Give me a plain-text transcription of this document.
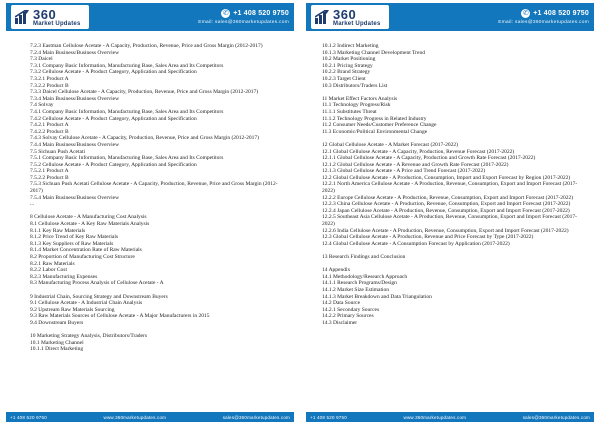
360
Market Updates
✆ +1 408 520 9750
Email: sales@360marketupdates.com
7.2.3 Eastman Cellulose Acetate - A Capacity, Production, Revenue, Price and Gross Margin (2012-2017)
7.2.4 Main Business/Business Overview
7.3 Daicel
7.3.1 Company Basic Information, Manufacturing Base, Sales Area and Its Competitors
7.3.2 Cellulose Acetate - A Product Category, Application and Specification
7.3.2.1 Product A
7.3.2.2 Product B
7.3.3 Daicel Cellulose Acetate - A Capacity, Production, Revenue, Price and Gross Margin (2012-2017)
7.3.4 Main Business/Business Overview
7.4 Solvay
7.4.1 Company Basic Information, Manufacturing Base, Sales Area and Its Competitors
7.4.2 Cellulose Acetate - A Product Category, Application and Specification
7.4.2.1 Product A
7.4.2.2 Product B
7.4.3 Solvay Cellulose Acetate - A Capacity, Production, Revenue, Price and Gross Margin (2012-2017)
7.4.4 Main Business/Business Overview
7.5 Sichuan Push Acetati
7.5.1 Company Basic Information, Manufacturing Base, Sales Area and Its Competitors
7.5.2 Cellulose Acetate - A Product Category, Application and Specification
7.5.2.1 Product A
7.5.2.2 Product B
7.5.3 Sichuan Push Acetati Cellulose Acetate - A Capacity, Production, Revenue, Price and Gross Margin (2012-2017)
7.5.4 Main Business/Business Overview
...
8 Cellulose Acetate - A Manufacturing Cost Analysis
8.1 Cellulose Acetate - A Key Raw Materials Analysis
8.1.1 Key Raw Materials
8.1.2 Price Trend of Key Raw Materials
8.1.3 Key Suppliers of Raw Materials
8.1.4 Market Concentration Rate of Raw Materials
8.2 Proportion of Manufacturing Cost Structure
8.2.1 Raw Materials
8.2.2 Labor Cost
8.2.3 Manufacturing Expenses
8.3 Manufacturing Process Analysis of Cellulose Acetate - A
9 Industrial Chain, Sourcing Strategy and Downstream Buyers
9.1 Cellulose Acetate - A Industrial Chain Analysis
9.2 Upstream Raw Materials Sourcing
9.3 Raw Materials Sources of Cellulose Acetate - A Major Manufacturers in 2015
9.4 Downstream Buyers
10 Marketing Strategy Analysis, Distributors/Traders
10.1 Marketing Channel
10.1.1 Direct Marketing
+1 408 520 9750	www.360marketupdates.com	sales@360marketupdates.com
360
Market Updates
✆ +1 408 520 9750
Email: sales@360marketupdates.com
10.1.2 Indirect Marketing
10.1.3 Marketing Channel Development Trend
10.2 Market Positioning
10.2.1 Pricing Strategy
10.2.2 Brand Strategy
10.2.3 Target Client
10.3 Distributors/Traders List
11 Market Effect Factors Analysis
11.1 Technology Progress/Risk
11.1.1 Substitutes Threat
11.1.2 Technology Progress in Related Industry
11.2 Consumer Needs/Customer Preference Change
11.3 Economic/Political Environmental Change
12 Global Cellulose Acetate - A Market Forecast (2017-2022)
12.1 Global Cellulose Acetate - A Capacity, Production, Revenue Forecast (2017-2022)
12.1.1 Global Cellulose Acetate - A Capacity, Production and Growth Rate Forecast (2017-2022)
12.1.2 Global Cellulose Acetate - A Revenue and Growth Rate Forecast (2017-2022)
12.1.3 Global Cellulose Acetate - A Price and Trend Forecast (2017-2022)
12.2 Global Cellulose Acetate - A Production, Consumption, Import and Export Forecast by Region (2017-2022)
12.2.1 North America Cellulose Acetate - A Production, Revenue, Consumption, Export and Import Forecast (2017-2022)
12.2.2 Europe Cellulose Acetate - A Production, Revenue, Consumption, Export and Import Forecast (2017-2022)
12.2.3 China Cellulose Acetate - A Production, Revenue, Consumption, Export and Import Forecast (2017-2022)
12.2.4 Japan Cellulose Acetate - A Production, Revenue, Consumption, Export and Import Forecast (2017-2022)
12.2.5 Southeast Asia Cellulose Acetate - A Production, Revenue, Consumption, Export and Import Forecast (2017-2022)
12.2.6 India Cellulose Acetate - A Production, Revenue, Consumption, Export and Import Forecast (2017-2022)
12.3 Global Cellulose Acetate - A Production, Revenue and Price Forecast by Type (2017-2022)
12.4 Global Cellulose Acetate - A Consumption Forecast by Application (2017-2022)
13 Research Findings and Conclusion
14 Appendix
14.1 Methodology/Research Approach
14.1.1 Research Programs/Design
14.1.2 Market Size Estimation
14.1.3 Market Breakdown and Data Triangulation
14.2 Data Source
14.2.1 Secondary Sources
14.2.2 Primary Sources
14.3 Disclaimer
+1 408 520 9750	www.360marketupdates.com	sales@360marketupdates.com
